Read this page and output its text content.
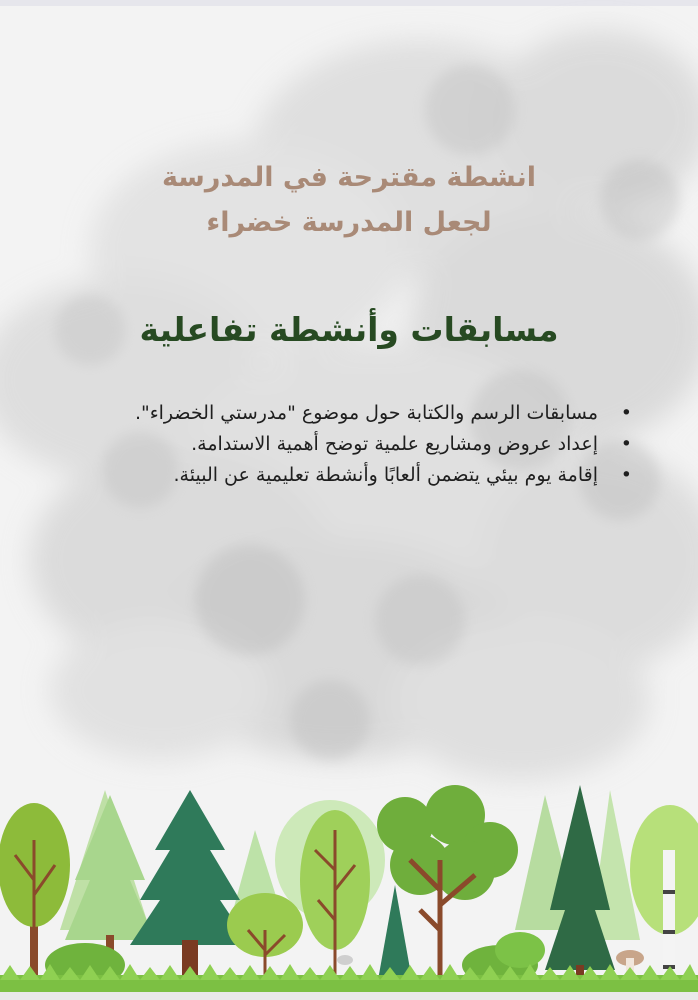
انشطة مقترحة في المدرسة
لجعل المدرسة خضراء
مسابقات وأنشطة تفاعلية
• مسابقات الرسم والكتابة حول موضوع "مدرستي الخضراء".
• إعداد عروض ومشاريع علمية توضح أهمية الاستدامة.
• إقامة يوم بيئي يتضمن ألعابًا وأنشطة تعليمية عن البيئة.
